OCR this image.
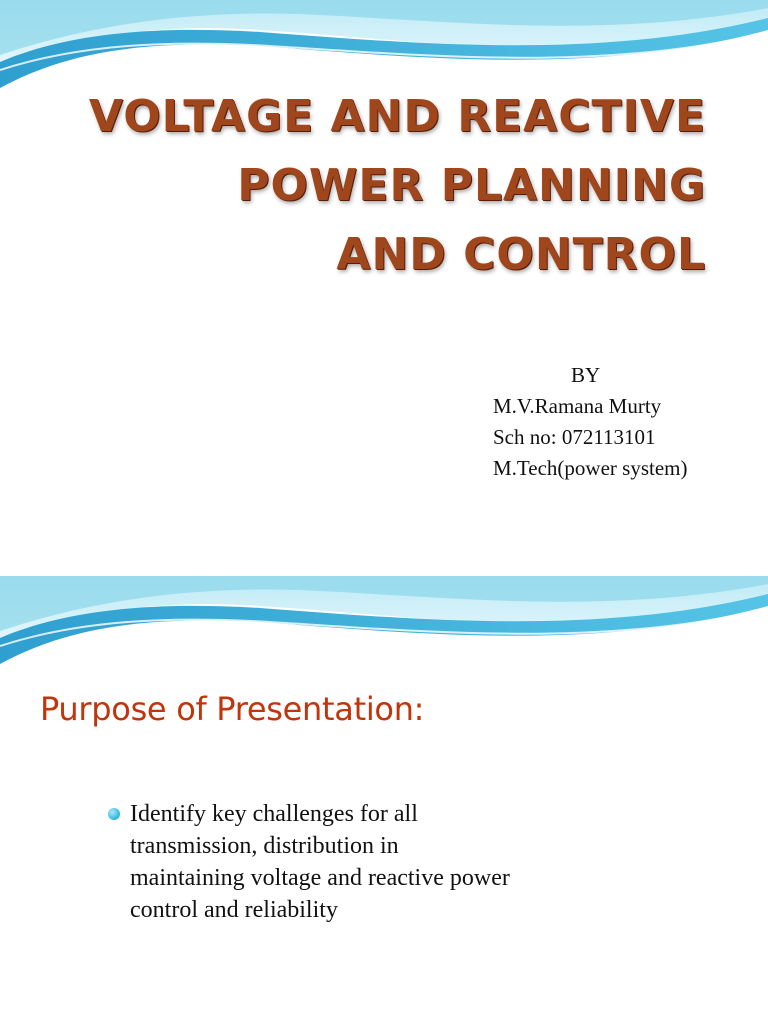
VOLTAGE AND REACTIVE
POWER PLANNING
AND CONTROL
BY
M.V.Ramana Murty
Sch no: 072113101
M.Tech(power system)
Purpose of Presentation:
Identify key challenges for all
transmission, distribution in
maintaining voltage and reactive power
control and reliability
